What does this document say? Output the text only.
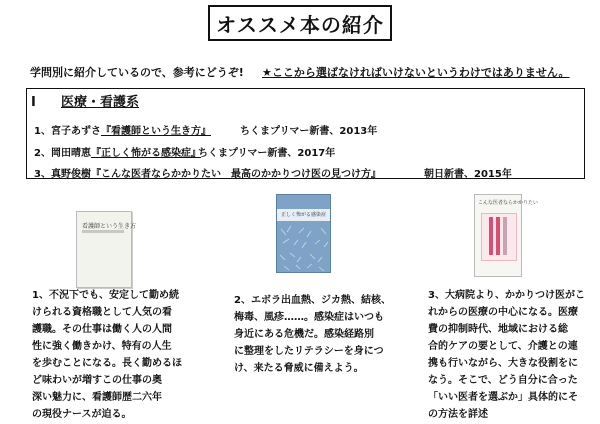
オススメ本の紹介
学問別に紹介しているので、参考にどうぞ! ★ここから選ばなければいけないというわけではありません。
Ⅰ 医療・看護系
1、宮子あずさ『看護師という生き方』	ちくまプリマー新書、2013年
2、岡田晴恵『正しく怖がる感染症』
ちくまプリマー新書、2017年
3、真野俊樹『こんな医者ならかかりたい　最高のかかりつけ医の見つけ方』	朝日新書、2015年
看護師という生き方
正しく怖がる感染症
こんな医者ならかかりたい
1、不況下でも、安定して勤め続
けられる資格職として人気の看
護職。その仕事は働く人の人間
性に強く働きかけ、特有の人生
を歩むことになる。長く勤めるほ
ど味わいが増すこの仕事の奥
深い魅力に、看護師歴二六年
の現役ナースが迫る。
2、エボラ出血熱、ジカ熱、結核、
梅毒、風疹……。感染症はいつも
身近にある危機だ。感染経路別
に整理をしたリテラシーを身につ
け、来たる脅威に備えよう。
3、大病院より、かかりつけ医がこ
れからの医療の中心になる。医療
費の抑制時代、地域における総
合的ケアの要として、介護との連
携も行いながら、大きな役割をに
なう。そこで、どう自分に合った
「いい医者を選ぶか」具体的にそ
の方法を詳述
